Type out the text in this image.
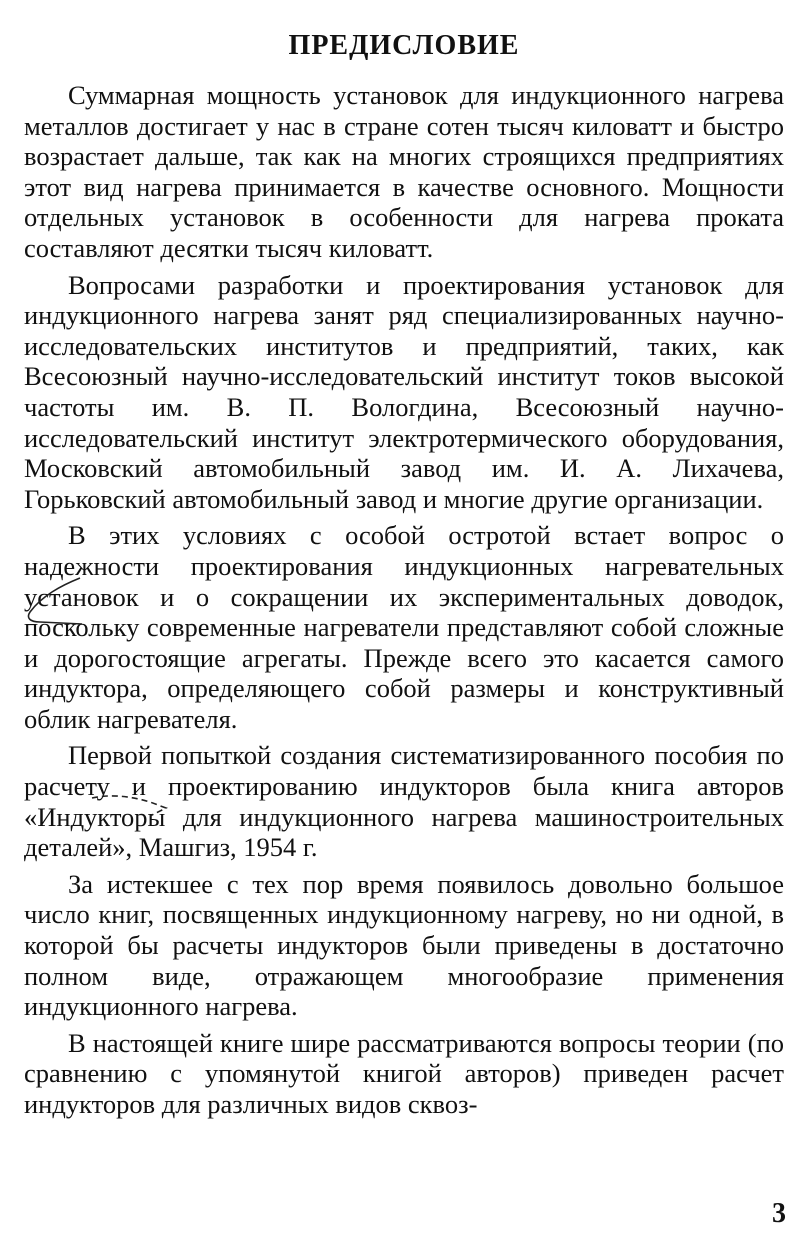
ПРЕДИСЛОВИЕ

Суммарная мощность установок для индукционного нагрева металлов достигает у нас в стране сотен тысяч киловатт и быстро возрастает дальше, так как на многих строящихся предприятиях этот вид нагрева принимается в качестве основного. Мощности отдельных установок в особенности для нагрева проката составляют десятки тысяч киловатт.

Вопросами разработки и проектирования установок для индукционного нагрева занят ряд специализированных научно-исследовательских институтов и предприятий, таких, как Всесоюзный научно-исследовательский институт токов высокой частоты им. В. П. Вологдина, Всесоюзный научно-исследовательский институт электротермического оборудования, Московский автомобильный завод им. И. А. Лихачева, Горьковский автомобильный завод и многие другие организации.

В этих условиях с особой остротой встает вопрос о надежности проектирования индукционных нагревательных установок и о сокращении их экспериментальных доводок, поскольку современные нагреватели представляют собой сложные и дорогостоящие агрегаты. Прежде всего это касается самого индуктора, определяющего собой размеры и конструктивный облик нагревателя.

Первой попыткой создания систематизированного пособия по расчету и проектированию индукторов была книга авторов «Индукторы для индукционного нагрева машиностроительных деталей», Машгиз, 1954 г.

За истекшее с тех пор время появилось довольно большое число книг, посвященных индукционному нагреву, но ни одной, в которой бы расчеты индукторов были приведены в достаточно полном виде, отражающем многообразие применения индукционного нагрева.

В настоящей книге шире рассматриваются вопросы теории (по сравнению с упомянутой книгой авторов) приведен расчет индукторов для различных видов сквоз-

3
